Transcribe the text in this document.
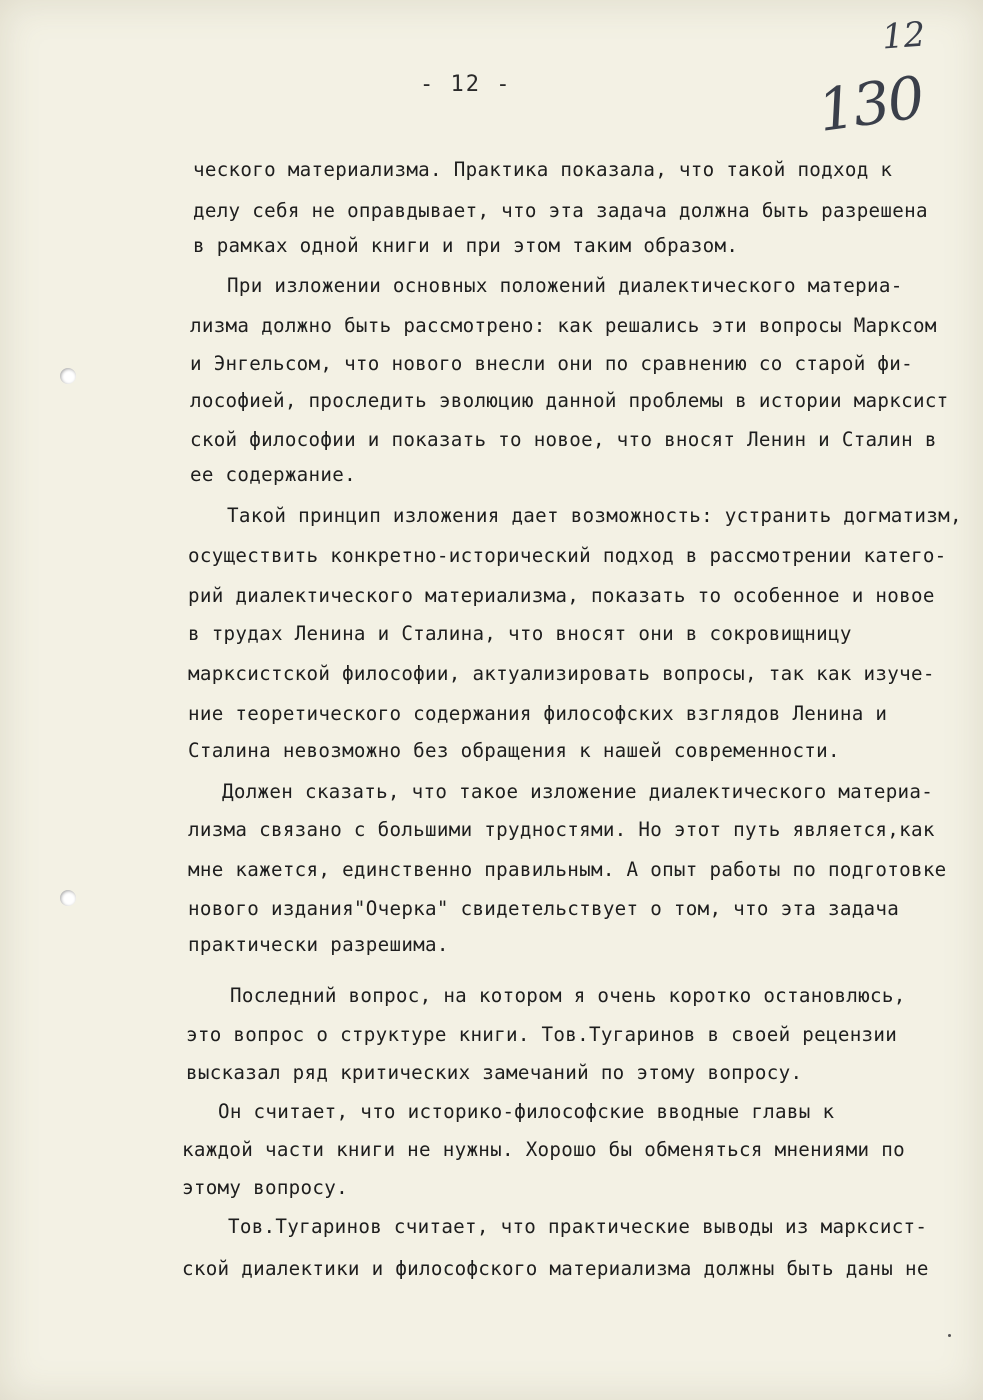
12
130
- 12 -
ческого материализма. Практика показала, что такой подход к
делу себя не оправдывает, что эта задача должна быть разрешена
в рамках одной книги и при этом таким образом.
При изложении основных положений диалектического материа-
лизма должно быть рассмотрено: как решались эти вопросы Марксом
и Энгельсом, что нового внесли они по сравнению со старой фи-
лософией, проследить эволюцию данной проблемы в истории марксист
ской философии и показать то новое, что вносят Ленин и Сталин в
ее содержание.
Такой принцип изложения дает возможность: устранить догматизм,
осуществить конкретно-исторический подход в рассмотрении катего-
рий диалектического материализма, показать то особенное и новое
в трудах Ленина и Сталина, что вносят они в сокровищницу
марксистской философии, актуализировать вопросы, так как изуче-
ние теоретического содержания философских взглядов Ленина и
Сталина невозможно без обращения к нашей современности.
Должен сказать, что такое изложение диалектического материа-
лизма связано с большими трудностями. Но этот путь является,как
мне кажется, единственно правильным. А опыт работы по подготовке
нового издания"Очерка" свидетельствует о том, что эта задача
практически разрешима.
Последний вопрос, на котором я очень коротко остановлюсь,
это вопрос о структуре книги. Тов.Тугаринов в своей рецензии
высказал ряд критических замечаний по этому вопросу.
Он считает, что историко-философские вводные главы к
каждой части книги не нужны. Хорошо бы обменяться мнениями по
этому вопросу.
Тов.Тугаринов считает, что практические выводы из марксист-
ской диалектики и философского материализма должны быть даны не
